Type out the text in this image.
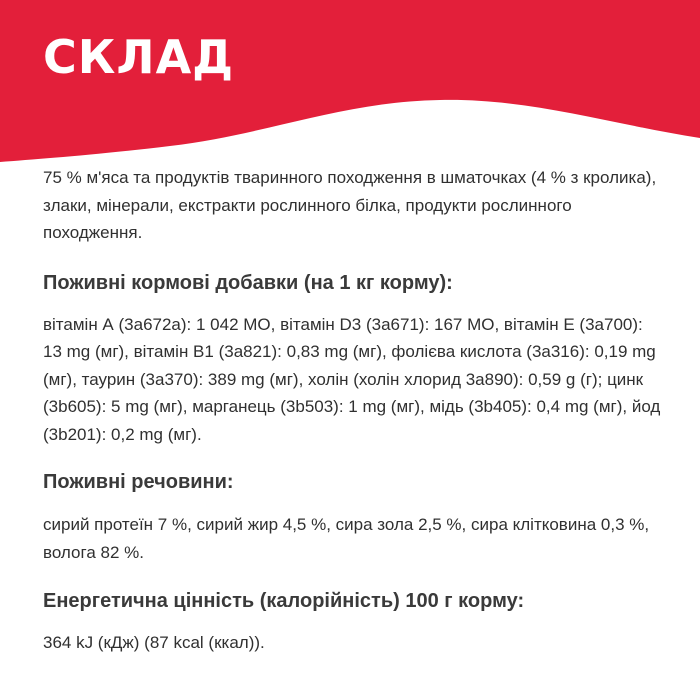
СКЛАД

75 % м'яса та продуктів тваринного походження в шматочках (4 % з кролика), злаки, мінерали, екстракти рослинного білка, продукти рослинного походження.

Поживні кормові добавки (на 1 кг корму):

вітамін А (3a672a): 1 042 МО, вітамін D3 (3a671): 167 МО, вітамін Е (3a700): 13 mg (мг), вітамін В1 (3a821): 0,83 mg (мг), фолієва кислота (3a316): 0,19 mg (мг), таурин (3a370): 389 mg (мг), холін (холін хлорид 3a890): 0,59 g (г); цинк (3b605): 5 mg (мг), марганець (3b503): 1 mg (мг), мідь (3b405): 0,4 mg (мг), йод (3b201): 0,2 mg (мг).

Поживні речовини:

сирий протеїн 7 %, сирий жир 4,5 %, сира зола 2,5 %, сира клітковина 0,3 %, волога 82 %.

Енергетична цінність (калорійність) 100 г корму:

364 kJ (кДж) (87 kcal (ккал)).
